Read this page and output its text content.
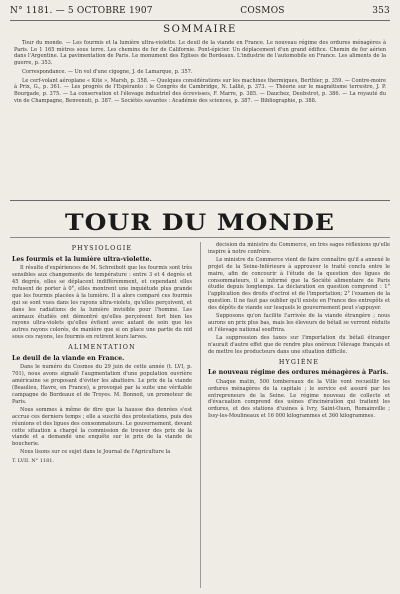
N° 1181. — 5 OCTOBRE 1907	COSMOS	353
SOMMAIRE

Tour du monde. — Les fourmis et la lumière ultra-violette. Le deuil de la viande en France. Le nouveau régime des ordures ménagères à Paris. Le 1 165 mètres sous terre. Les chemins de fer de Californie. Pont-épicier. Un déplacement d'un grand édifice. Chemin de fer aérien dans l'Argentine. La pavimentation de Paris. Le monument des Eglises de Bordeaux. L'industrie de l'automobile en France. Les aliments de la guerre, p. 353.

Correspondance. — Un vol d'une cigogne, J. de Lamarque, p. 357.

Le cerf-volant aéroplane « Kite », Marsh, p. 358. — Quelques considérations sur les machines thermiques, Berthier, p. 359. — Contre-moire à Prix, G., p. 361. — Les progrès de l'Espéranto : le Congrès de Cambridge, N. Lallié, p. 373. — Théorie sur le magnétisme terrestre, J. P. Bourgade, p. 375. — La conservation et l'élevage industriel des écrevisses, F. Marre, p. 385. — Dauchez, Deubstrot, p. 386. — La royauté du vin de Champagne, Benvenuti, p. 387. — Sociétés savantes : Académie des sciences, p. 387. — Bibliographie, p. 388.

TOUR DU MONDE
PHYSIOLOGIE

Les fourmis et la lumière ultra-violette.

Il résulte d'expériences de M. Schreibott que les fourmis sont très sensibles aux changements de température : entre 3 et 4 degrés et 45 degrés, elles se déplacent indifféremment, et cependant elles refusent de porter à 0°, elles montrent une inquiétude plus grande que les fourmis placées à la lumière. Il a alors comparé ces fourmis qui se sont vues dans les rayons ultra-violets, qu'elles perçoivent, et dans les radiations de la lumière invisible pour l'homme. Les animaux étudiés ont démontré qu'elles perçoivent fort bien les rayons ultra-violets qu'elles évitent avec autant de soin que les autres rayons colorés, de manière que si on place une partie du nid sous ces rayons, les fourmis en retirent leurs larves.

ALIMENTATION

Le deuil de la viande en France.

Dans le numéro du Cosmos du 29 juin de cette année (t. LVI, p. 701), nous avons signalé l'augmentation d'une population ouvrière américaine se proposant d'éviter les abattoirs. Le prix de la viande (Beaulieu, Havre, en France), a provoqué par la suite une véritable campagne de Bordeaux et de Troyes. M. Bonnoit, un promoteur de Paris.

Nous sommes à même de dire que la hausse des denrées s'est accrue ces derniers temps ; elle a suscité des protestations, puis des réunions et des ligues des consommateurs. Le gouvernement, devant cette situation a chargé la commission de trouver des prix de la viande et a demandé une enquête sur le prix de la viande de boucherie.

Nous lisons sur ce sujet dans le Journal de l'Agriculture la

T. LVII. N° 1181.

décision du ministre du Commerce, en très sages réflexions qu'elle inspire à notre confrère.

Le ministre du Commerce vient de faire connaître qu'il a annexé le projet de la Seine-Inférieure à approuver le traité conclu entre le maire, afin de concourir à l'étude de la question des ligues de consommateurs, il a informé que la Société alimentaire de Paris étudie depuis longtemps. La déclaration en question comprend : 1° l'application des droits d'octroi et de l'importation; 2° l'examen de la question. Il ne faut pas oublier qu'il existe en France des entrepôts et des dépôts de viande sur lesquels le gouvernement peut s'appuyer.

Supposons qu'on facilite l'arrivée de la viande étrangère ; nous aurons un prix plus bas, mais les éleveurs de bétail se verront réduits et l'élevage national souffrira.

La suppression des taxes sur l'importation du bétail étranger n'aurait d'autre effet que de rendre plus onéreux l'élevage français et de mettre les producteurs dans une situation difficile.

HYGIÈNE

Le nouveau régime des ordures ménagères à Paris.

Chaque matin, 500 tombereaux de la Ville vont recueillir les ordures ménagères de la capitale ; le service est assuré par les entrepreneurs de la Seine. Le régime nouveau de collecte et d'évacuation comprend des usines d'incinération qui traitent les ordures, et des stations d'usines à Ivry, Saint-Ouen, Romainville ; Issy-les-Moulineaux et 16 000 kilogrammes et 360 kilogrammes.
